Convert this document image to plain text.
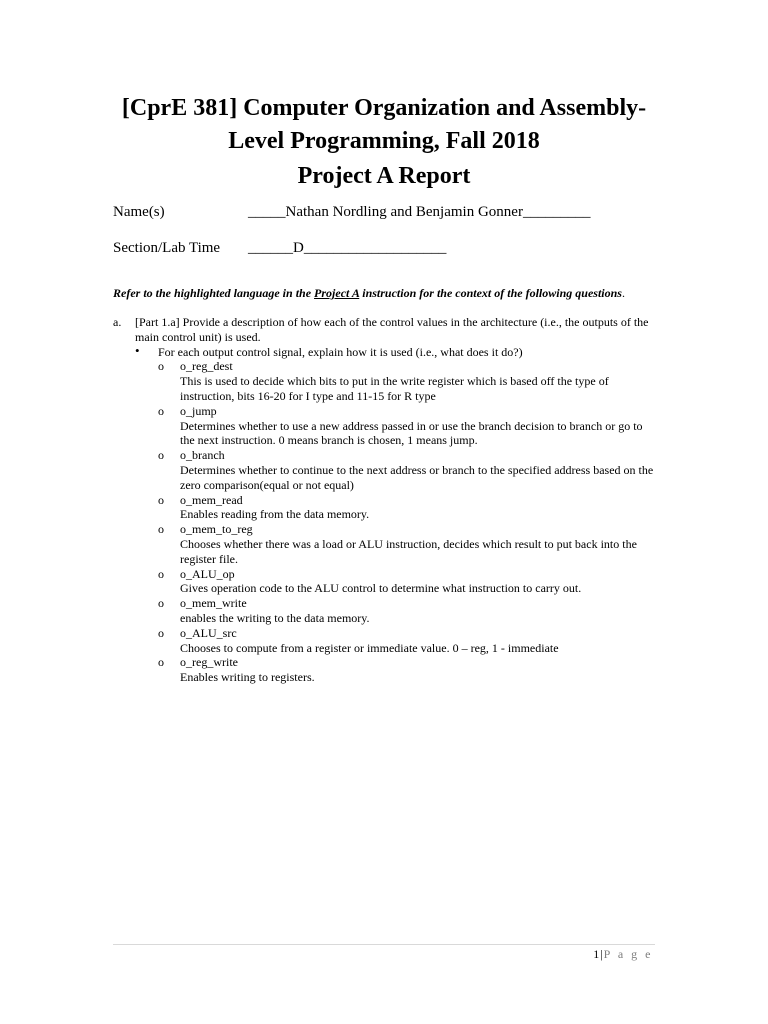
[CprE 381] Computer Organization and Assembly-
Level Programming, Fall 2018
Project A Report
Name(s)	_____Nathan Nordling and Benjamin Gonner_________
Section/Lab Time ______D___________________
Refer to the highlighted language in the Project A instruction for the context of the following questions.
a. [Part 1.a] Provide a description of how each of the control values in the architecture (i.e., the outputs of the main control unit) is used.
• For each output control signal, explain how it is used (i.e., what does it do?)
o o_reg_dest
This is used to decide which bits to put in the write register which is based off the type of instruction, bits 16-20 for I type and 11-15 for R type
o o_jump
Determines whether to use a new address passed in or use the branch decision to branch or go to the next instruction. 0 means branch is chosen, 1 means jump.
o o_branch
Determines whether to continue to the next address or branch to the specified address based on the zero comparison(equal or not equal)
o o_mem_read
Enables reading from the data memory.
o o_mem_to_reg
Chooses whether there was a load or ALU instruction, decides which result to put back into the register file.
o o_ALU_op
Gives operation code to the ALU control to determine what instruction to carry out.
o o_mem_write
enables the writing to the data memory.
o o_ALU_src
Chooses to compute from a register or immediate value. 0 – reg, 1 - immediate
o o_reg_write
Enables writing to registers.
1|P a g e
